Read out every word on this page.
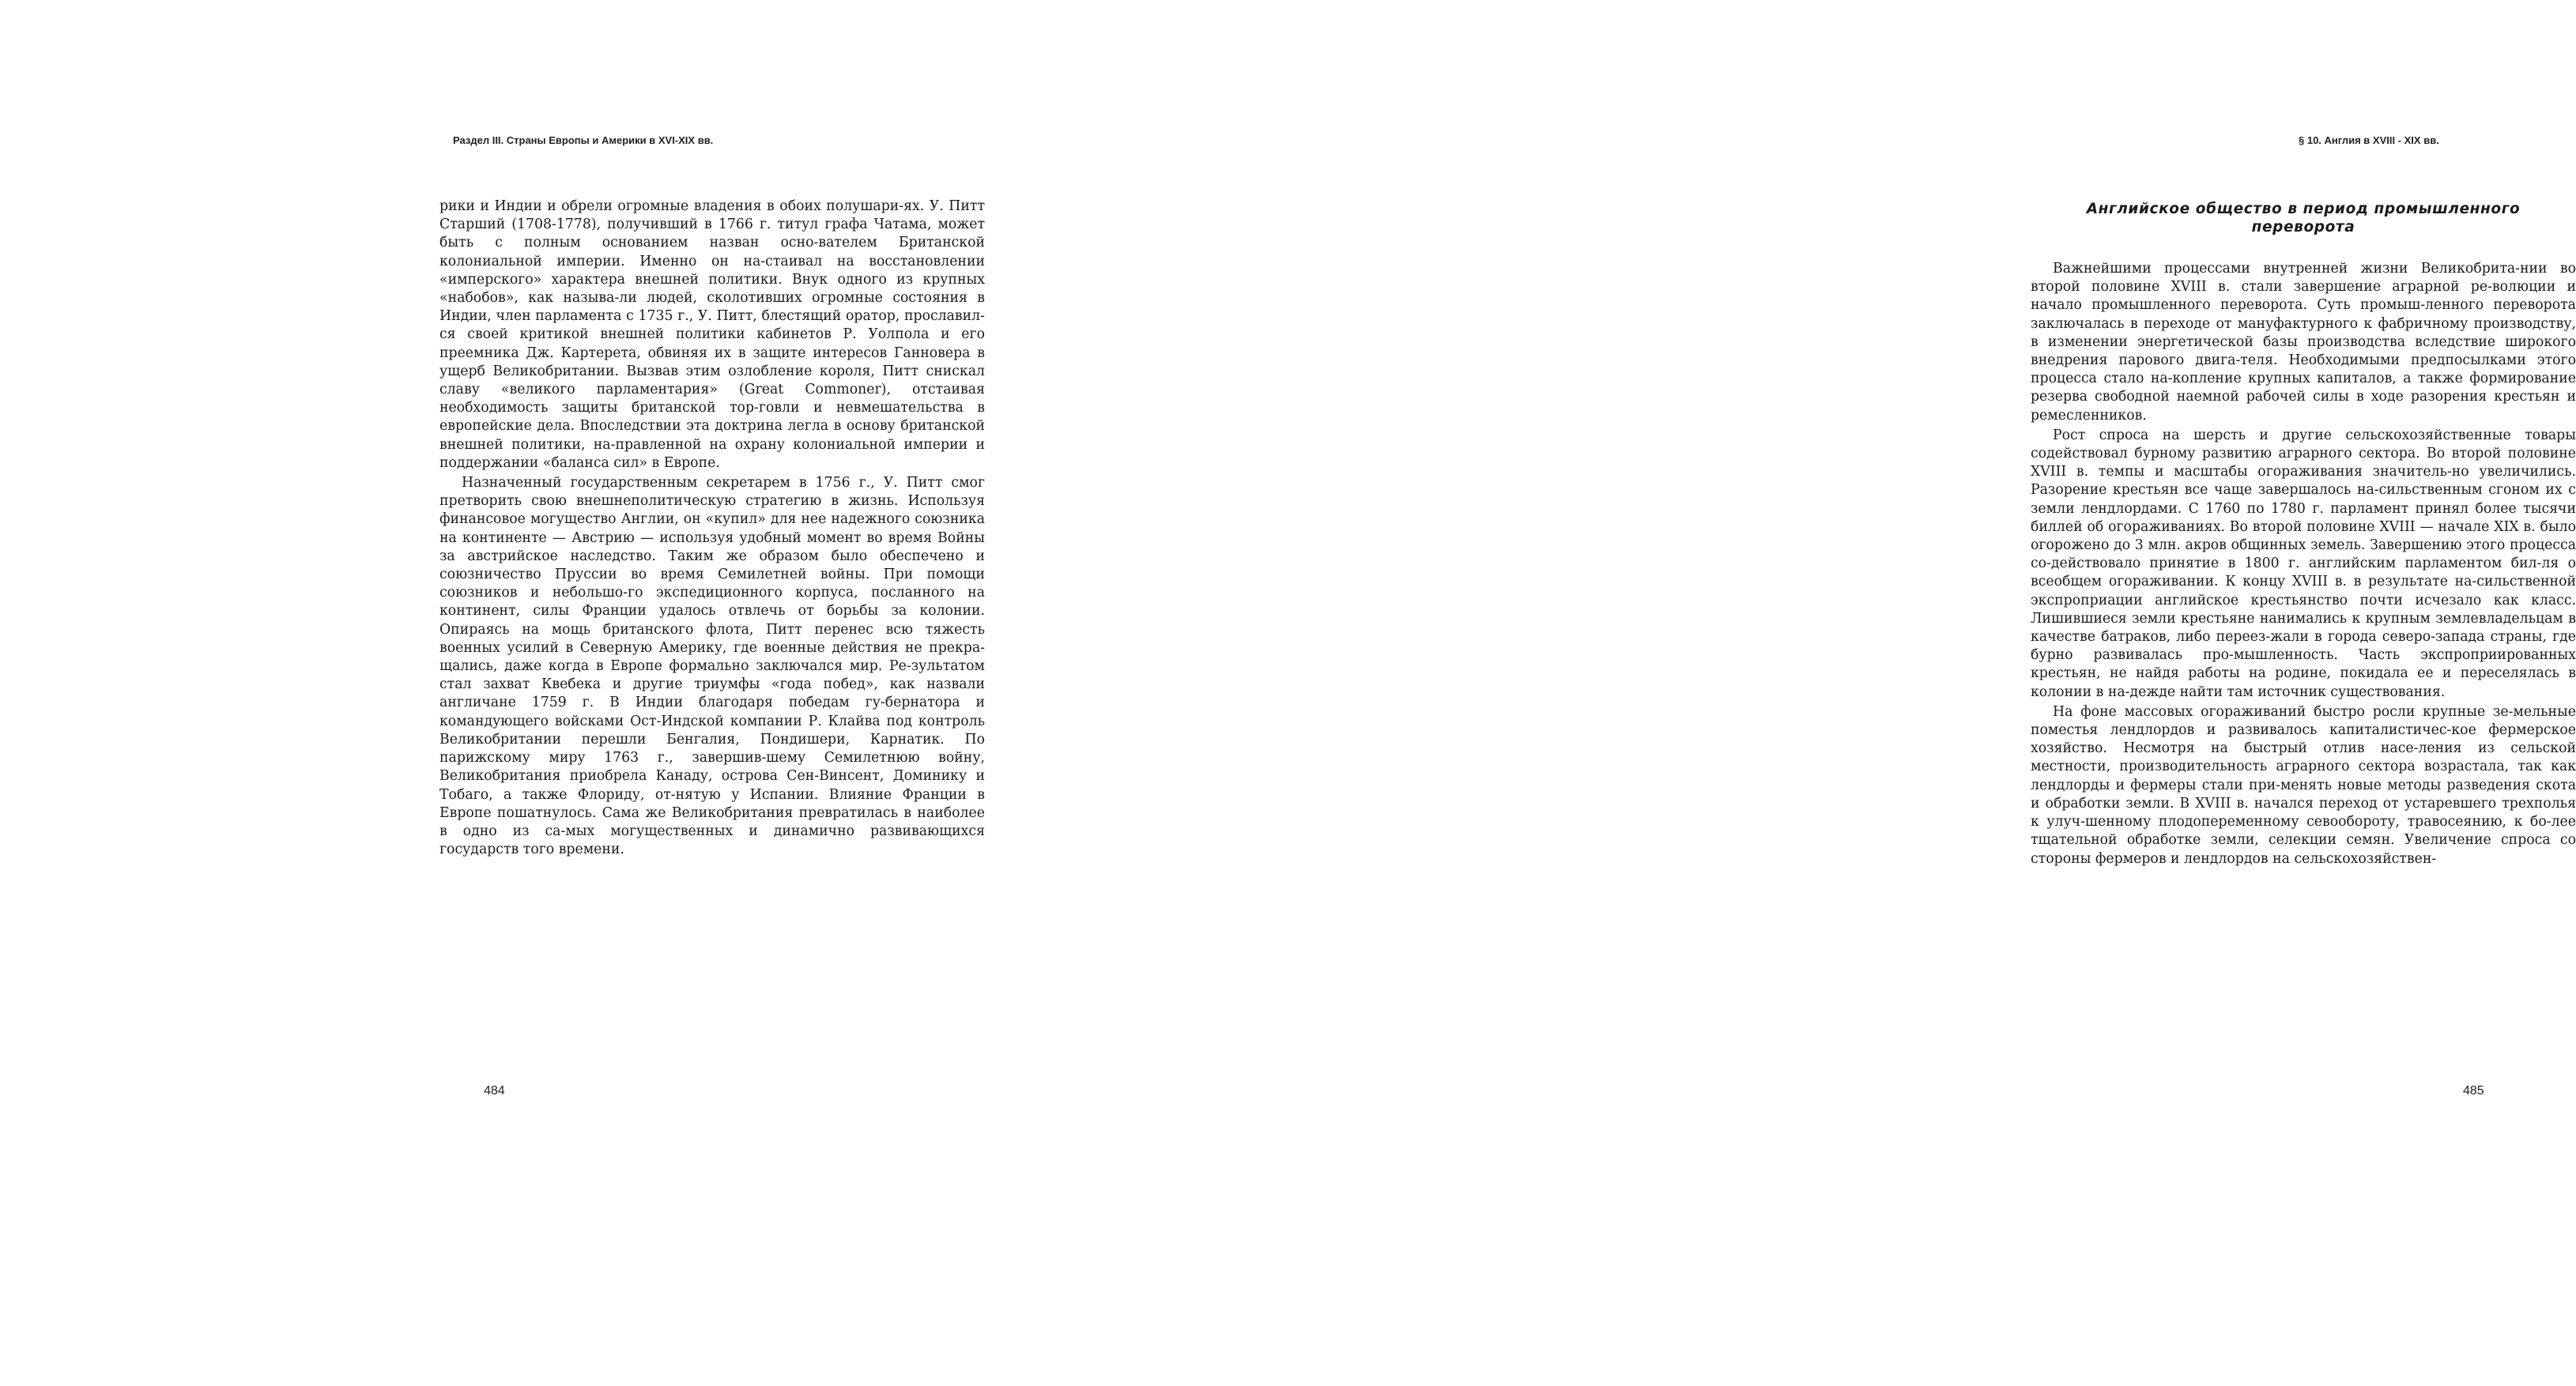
Раздел III. Страны Европы и Америки в XVI-XIX вв.

рики и Индии и обрели огромные владения в обоих полушари-ях. У. Питт Старший (1708-1778), получивший в 1766 г. титул графа Чатама, может быть с полным основанием назван осно-вателем Британской колониальной империи. Именно он на-стаивал на восстановлении «имперского» характера внешней политики. Внук одного из крупных «набобов», как называ-ли людей, сколотивших огромные состояния в Индии, член парламента с 1735 г., У. Питт, блестящий оратор, прославил-ся своей критикой внешней политики кабинетов Р. Уолпола и его преемника Дж. Картерета, обвиняя их в защите интересов Ганновера в ущерб Великобритании. Вызвав этим озлобление короля, Питт снискал славу «великого парламентария» (Great Commoner), отстаивая необходимость защиты британской тор-говли и невмешательства в европейские дела. Впоследствии эта доктрина легла в основу британской внешней политики, на-правленной на охрану колониальной империи и поддержании «баланса сил» в Европе.

Назначенный государственным секретарем в 1756 г., У. Питт смог претворить свою внешнеполитическую стратегию в жизнь. Используя финансовое могущество Англии, он «купил» для нее надежного союзника на континенте — Австрию — используя удобный момент во время Войны за австрийское наследство. Таким же образом было обеспечено и союзничество Пруссии во время Семилетней войны. При помощи союзников и небольшо-го экспедиционного корпуса, посланного на континент, силы Франции удалось отвлечь от борьбы за колонии. Опираясь на мощь британского флота, Питт перенес всю тяжесть военных усилий в Северную Америку, где военные действия не прекра-щались, даже когда в Европе формально заключался мир. Ре-зультатом стал захват Квебека и другие триумфы «года побед», как назвали англичане 1759 г. В Индии благодаря победам гу-бернатора и командующего войсками Ост-Индской компании Р. Клайва под контроль Великобритании перешли Бенгалия, Пондишери, Карнатик. По парижскому миру 1763 г., завершив-шему Семилетнюю войну, Великобритания приобрела Канаду, острова Сен-Винсент, Доминику и Тобаго, а также Флориду, от-нятую у Испании. Влияние Франции в Европе пошатнулось. Сама же Великобритания превратилась в наиболее в одно из са-мых могущественных и динамично развивающихся государств того времени.

484
§ 10. Англия в XVIII - XIX вв.
Английское общество в период промышленного переворота

Важнейшими процессами внутренней жизни Великобрита-нии во второй половине XVIII в. стали завершение аграрной ре-волюции и начало промышленного переворота. Суть промыш-ленного переворота заключалась в переходе от мануфактурного к фабричному производству, в изменении энергетической базы производства вследствие широкого внедрения парового двига-теля. Необходимыми предпосылками этого процесса стало на-копление крупных капиталов, а также формирование резерва свободной наемной рабочей силы в ходе разорения крестьян и ремесленников.

Рост спроса на шерсть и другие сельскохозяйственные товары содействовал бурному развитию аграрного сектора. Во второй половине XVIII в. темпы и масштабы огораживания значитель-но увеличились. Разорение крестьян все чаще завершалось на-сильственным сгоном их с земли лендлордами. С 1760 по 1780 г. парламент принял более тысячи биллей об огораживаниях. Во второй половине XVIII — начале XIX в. было огорожено до 3 млн. акров общинных земель. Завершению этого процесса со-действовало принятие в 1800 г. английским парламентом бил-ля о всеобщем огораживании. К концу XVIII в. в результате на-сильственной экспроприации английское крестьянство почти исчезало как класс. Лишившиеся земли крестьяне нанимались к крупным землевладельцам в качестве батраков, либо переез-жали в города северо-запада страны, где бурно развивалась про-мышленность. Часть экспроприированных крестьян, не найдя работы на родине, покидала ее и переселялась в колонии в на-дежде найти там источник существования.

На фоне массовых огораживаний быстро росли крупные зе-мельные поместья лендлордов и развивалось капиталистичес-кое фермерское хозяйство. Несмотря на быстрый отлив насе-ления из сельской местности, производительность аграрного сектора возрастала, так как лендлорды и фермеры стали при-менять новые методы разведения скота и обработки земли. В XVIII в. начался переход от устаревшего трехполья к улуч-шенному плодопеременному севообороту, травосеянию, к бо-лее тщательной обработке земли, селекции семян. Увеличение спроса со стороны фермеров и лендлордов на сельскохозяйствен-

485
